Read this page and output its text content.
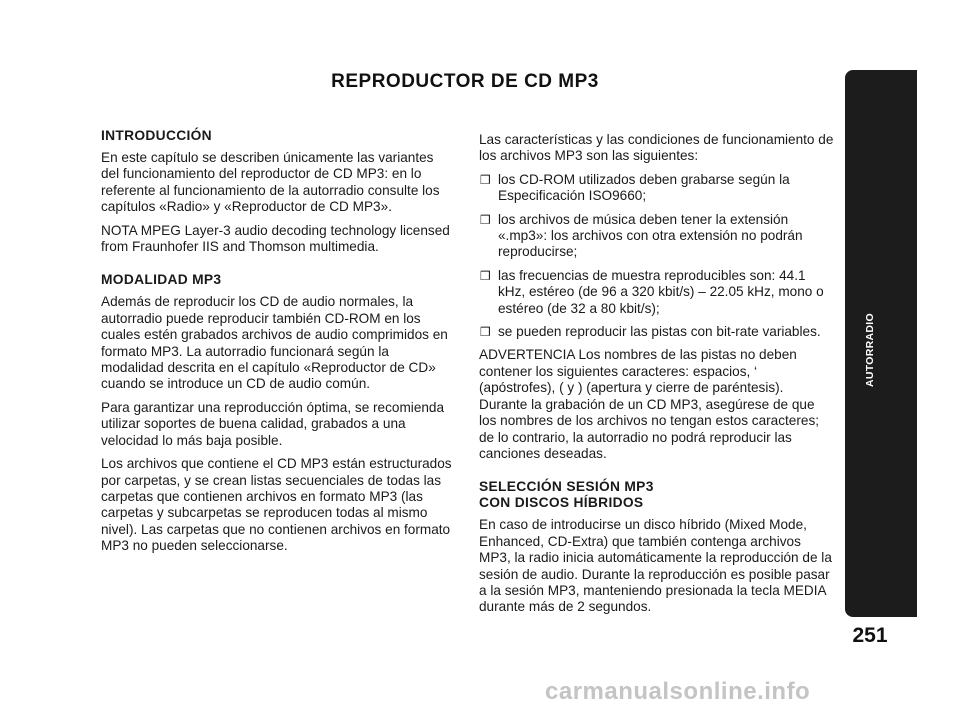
REPRODUCTOR DE CD MP3
INTRODUCCIÓN

En este capítulo se describen únicamente las variantes del funcionamiento del reproductor de CD MP3: en lo referente al funcionamiento de la autorradio consulte los capítulos «Radio» y «Reproductor de CD MP3».

NOTA MPEG Layer-3 audio decoding technology licensed from Fraunhofer IIS and Thomson multimedia.

MODALIDAD MP3

Además de reproducir los CD de audio normales, la autorradio puede reproducir también CD-ROM en los cuales estén grabados archivos de audio comprimidos en formato MP3. La autorradio funcionará según la modalidad descrita en el capítulo «Reproductor de CD» cuando se introduce un CD de audio común.

Para garantizar una reproducción óptima, se recomienda utilizar soportes de buena calidad, grabados a una velocidad lo más baja posible.

Los archivos que contiene el CD MP3 están estructurados por carpetas, y se crean listas secuenciales de todas las carpetas que contienen archivos en formato MP3 (las carpetas y subcarpetas se reproducen todas al mismo nivel). Las carpetas que no contienen archivos en formato MP3 no pueden seleccionarse.

Las características y las condiciones de funcionamiento de los archivos MP3 son las siguientes:

❒ los CD-ROM utilizados deben grabarse según la Especificación ISO9660;
❒ los archivos de música deben tener la extensión «.mp3»: los archivos con otra extensión no podrán reproducirse;
❒ las frecuencias de muestra reproducibles son: 44.1 kHz, estéreo (de 96 a 320 kbit/s) – 22.05 kHz, mono o estéreo (de 32 a 80 kbit/s);
❒ se pueden reproducir las pistas con bit-rate variables.

ADVERTENCIA Los nombres de las pistas no deben contener los siguientes caracteres: espacios, ‘ (apóstrofes), ( y ) (apertura y cierre de paréntesis). Durante la grabación de un CD MP3, asegúrese de que los nombres de los archivos no tengan estos caracteres; de lo contrario, la autorradio no podrá reproducir las canciones deseadas.

SELECCIÓN SESIÓN MP3
CON DISCOS HÍBRIDOS

En caso de introducirse un disco híbrido (Mixed Mode, Enhanced, CD-Extra) que también contenga archivos MP3, la radio inicia automáticamente la reproducción de la sesión de audio. Durante la reproducción es posible pasar a la sesión MP3, manteniendo presionada la tecla MEDIA durante más de 2 segundos.

AUTORRADIO
251
carmanualsonline.info
